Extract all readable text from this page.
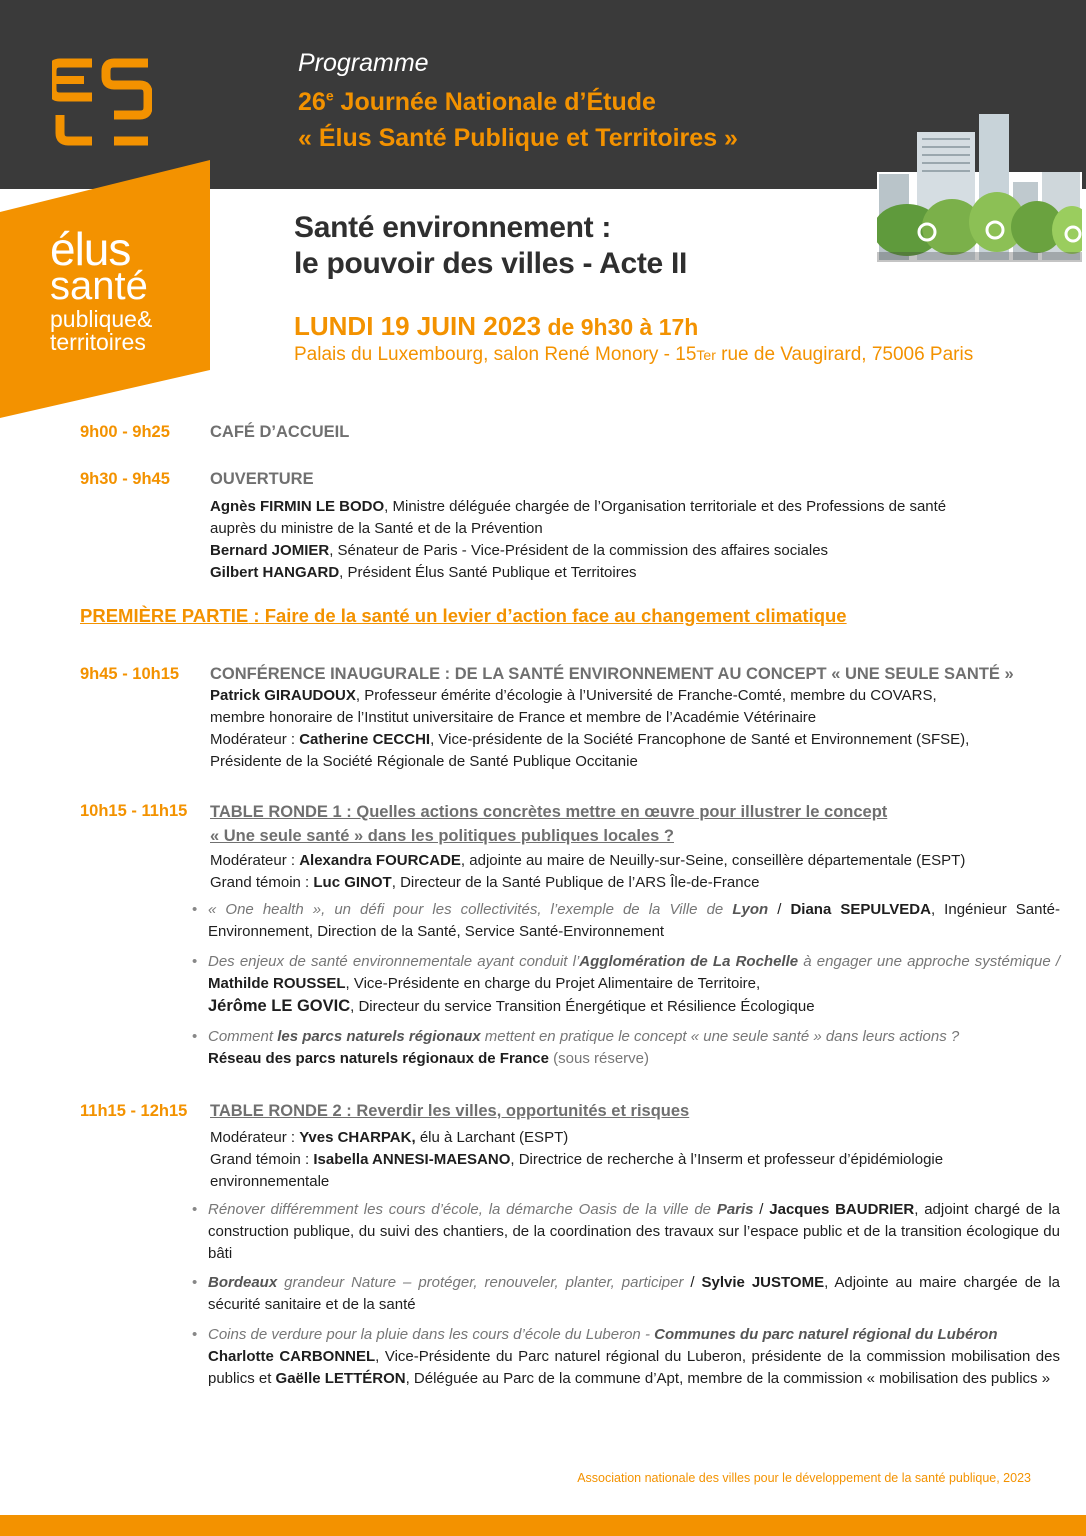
élus
santé
publique&
territoires
Programme
26e Journée Nationale d’Étude
« Élus Santé Publique et Territoires »
Santé environnement :
le pouvoir des villes - Acte II
LUNDI 19 JUIN 2023 de 9h30 à 17h
Palais du Luxembourg, salon René Monory - 15Ter rue de Vaugirard, 75006 Paris
9h00 - 9h25 CAFÉ D’ACCUEIL
9h30 - 9h45 OUVERTURE
Agnès FIRMIN LE BODO, Ministre déléguée chargée de l’Organisation territoriale et des Professions de santé
auprès du ministre de la Santé et de la Prévention
Bernard JOMIER, Sénateur de Paris - Vice-Président de la commission des affaires sociales
Gilbert HANGARD, Président Élus Santé Publique et Territoires
PREMIÈRE PARTIE : Faire de la santé un levier d’action face au changement climatique
9h45 - 10h15 CONFÉRENCE INAUGURALE : DE LA SANTÉ ENVIRONNEMENT AU CONCEPT « UNE SEULE SANTÉ »
Patrick GIRAUDOUX, Professeur émérite d’écologie à l’Université de Franche-Comté, membre du COVARS,
membre honoraire de l’Institut universitaire de France et membre de l’Académie Vétérinaire
Modérateur : Catherine CECCHI, Vice-présidente de la Société Francophone de Santé et Environnement (SFSE),
Présidente de la Société Régionale de Santé Publique Occitanie
10h15 - 11h15 TABLE RONDE 1 : Quelles actions concrètes mettre en œuvre pour illustrer le concept
« Une seule santé » dans les politiques publiques locales ?
Modérateur : Alexandra FOURCADE, adjointe au maire de Neuilly-sur-Seine, conseillère départementale (ESPT)
Grand témoin : Luc GINOT, Directeur de la Santé Publique de l’ARS Île-de-France
• « One health », un défi pour les collectivités, l’exemple de la Ville de Lyon / Diana SEPULVEDA, Ingénieur Santé-Environnement, Direction de la Santé, Service Santé-Environnement
• Des enjeux de santé environnementale ayant conduit l’Agglomération de La Rochelle à engager une approche systémique / Mathilde ROUSSEL, Vice-Présidente en charge du Projet Alimentaire de Territoire,
Jérôme LE GOVIC, Directeur du service Transition Énergétique et Résilience Écologique
• Comment les parcs naturels régionaux mettent en pratique le concept « une seule santé » dans leurs actions ?
Réseau des parcs naturels régionaux de France (sous réserve)
11h15 - 12h15 TABLE RONDE 2 : Reverdir les villes, opportunités et risques
Modérateur : Yves CHARPAK, élu à Larchant (ESPT)
Grand témoin : Isabella ANNESI-MAESANO, Directrice de recherche à l’Inserm et professeur d’épidémiologie
environnementale
• Rénover différemment les cours d’école, la démarche Oasis de la ville de Paris / Jacques BAUDRIER, adjoint chargé de la construction publique, du suivi des chantiers, de la coordination des travaux sur l’espace public et de la transition écologique du bâti
• Bordeaux grandeur Nature – protéger, renouveler, planter, participer / Sylvie JUSTOME, Adjointe au maire chargée de la sécurité sanitaire et de la santé
• Coins de verdure pour la pluie dans les cours d’école du Luberon - Communes du parc naturel régional du Lubéron
Charlotte CARBONNEL, Vice-Présidente du Parc naturel régional du Luberon, présidente de la commission mobilisation des publics et Gaëlle LETTÉRON, Déléguée au Parc de la commune d’Apt, membre de la commission « mobilisation des publics »
Association nationale des villes pour le développement de la santé publique, 2023
